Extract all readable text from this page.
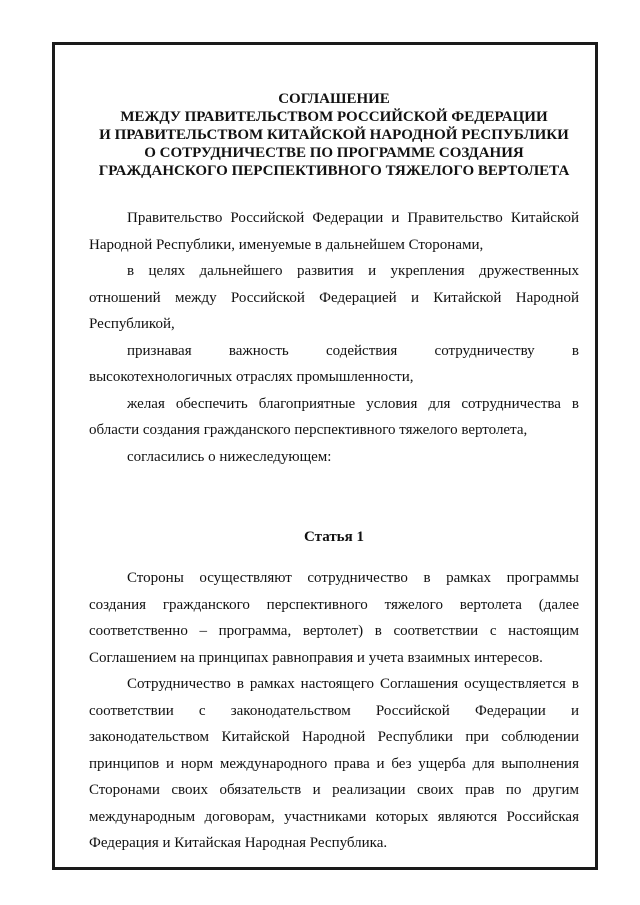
СОГЛАШЕНИЕ
МЕЖДУ ПРАВИТЕЛЬСТВОМ РОССИЙСКОЙ ФЕДЕРАЦИИ
И ПРАВИТЕЛЬСТВОМ КИТАЙСКОЙ НАРОДНОЙ РЕСПУБЛИКИ
О СОТРУДНИЧЕСТВЕ ПО ПРОГРАММЕ СОЗДАНИЯ
ГРАЖДАНСКОГО ПЕРСПЕКТИВНОГО ТЯЖЕЛОГО ВЕРТОЛЕТА

Правительство Российской Федерации и Правительство Китайской Народной Республики, именуемые в дальнейшем Сторонами,

в целях дальнейшего развития и укрепления дружественных отношений между Российской Федерацией и Китайской Народной Республикой,

признавая важность содействия сотрудничеству в высокотехнологичных отраслях промышленности,

желая обеспечить благоприятные условия для сотрудничества в области создания гражданского перспективного тяжелого вертолета,

согласились о нижеследующем:

Статья 1

Стороны осуществляют сотрудничество в рамках программы создания гражданского перспективного тяжелого вертолета (далее соответственно – программа, вертолет) в соответствии с настоящим Соглашением на принципах равноправия и учета взаимных интересов.

Сотрудничество в рамках настоящего Соглашения осуществляется в соответствии с законодательством Российской Федерации и законодательством Китайской Народной Республики при соблюдении принципов и норм международного права и без ущерба для выполнения Сторонами своих обязательств и реализации своих прав по другим международным договорам, участниками которых являются Российская Федерация и Китайская Народная Республика.
